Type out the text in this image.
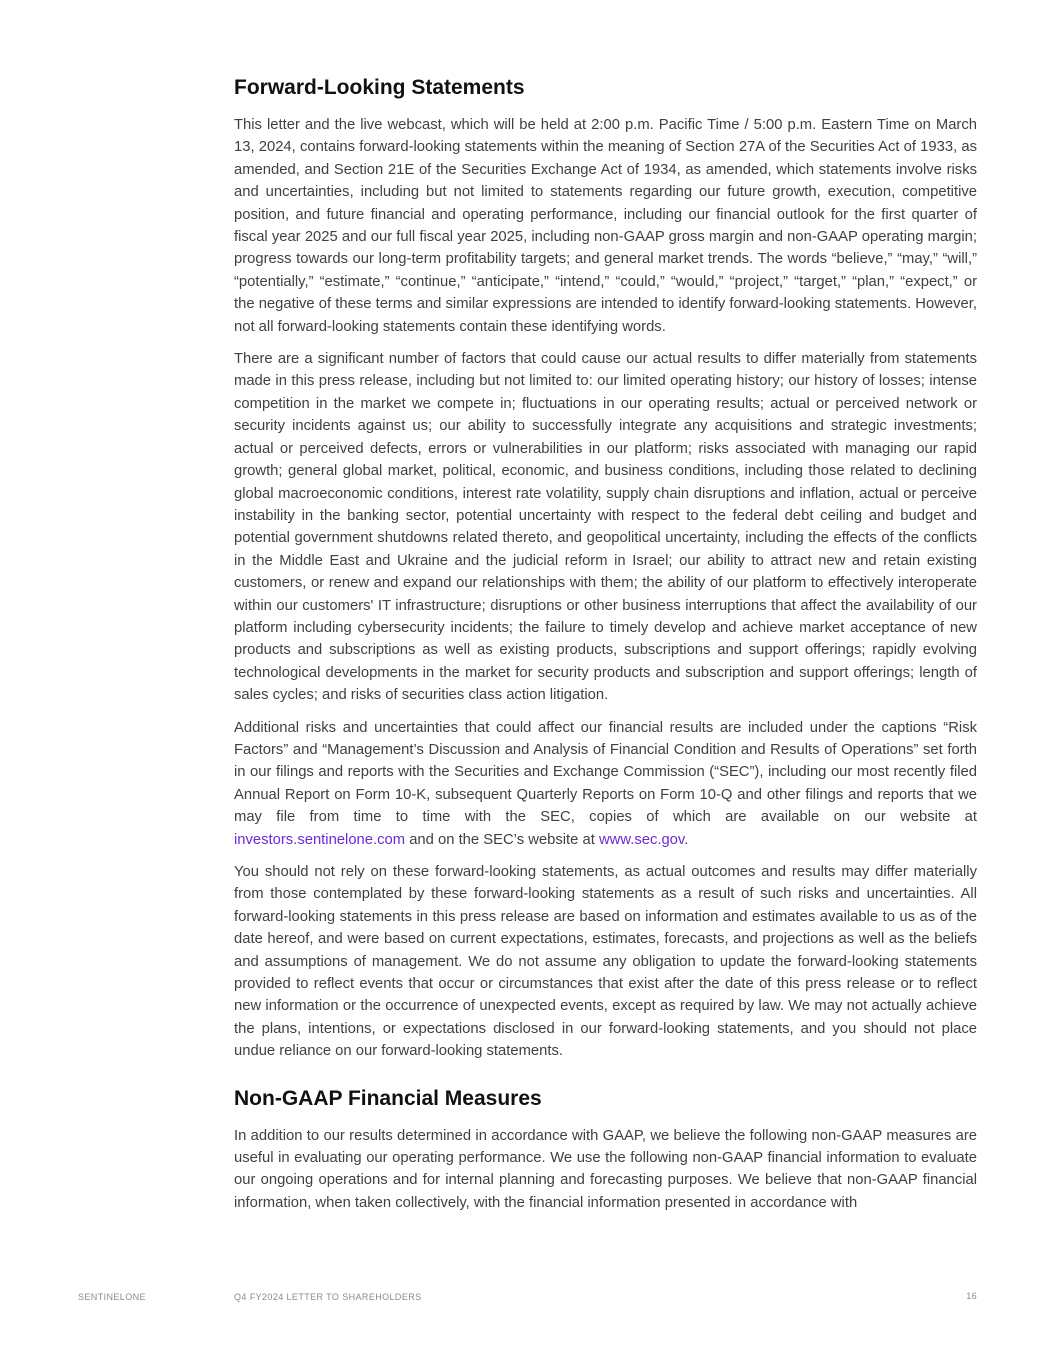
Forward-Looking Statements

This letter and the live webcast, which will be held at 2:00 p.m. Pacific Time / 5:00 p.m. Eastern Time on March 13, 2024, contains forward-looking statements within the meaning of Section 27A of the Securities Act of 1933, as amended, and Section 21E of the Securities Exchange Act of 1934, as amended, which statements involve risks and uncertainties, including but not limited to statements regarding our future growth, execution, competitive position, and future financial and operating performance, including our financial outlook for the first quarter of fiscal year 2025 and our full fiscal year 2025, including non-GAAP gross margin and non-GAAP operating margin; progress towards our long-term profitability targets; and general market trends. The words “believe,” “may,” “will,” “potentially,” “estimate,” “continue,” “anticipate,” “intend,” “could,” “would,” “project,” “target,” “plan,” “expect,” or the negative of these terms and similar expressions are intended to identify forward-looking statements. However, not all forward-looking statements contain these identifying words.

There are a significant number of factors that could cause our actual results to differ materially from statements made in this press release, including but not limited to: our limited operating history; our history of losses; intense competition in the market we compete in; fluctuations in our operating results; actual or perceived network or security incidents against us; our ability to successfully integrate any acquisitions and strategic investments; actual or perceived defects, errors or vulnerabilities in our platform; risks associated with managing our rapid growth; general global market, political, economic, and business conditions, including those related to declining global macroeconomic conditions, interest rate volatility, supply chain disruptions and inflation, actual or perceive instability in the banking sector, potential uncertainty with respect to the federal debt ceiling and budget and potential government shutdowns related thereto, and geopolitical uncertainty, including the effects of the conflicts in the Middle East and Ukraine and the judicial reform in Israel; our ability to attract new and retain existing customers, or renew and expand our relationships with them; the ability of our platform to effectively interoperate within our customers' IT infrastructure; disruptions or other business interruptions that affect the availability of our platform including cybersecurity incidents; the failure to timely develop and achieve market acceptance of new products and subscriptions as well as existing products, subscriptions and support offerings; rapidly evolving technological developments in the market for security products and subscription and support offerings; length of sales cycles; and risks of securities class action litigation.

Additional risks and uncertainties that could affect our financial results are included under the captions “Risk Factors” and “Management’s Discussion and Analysis of Financial Condition and Results of Operations” set forth in our filings and reports with the Securities and Exchange Commission (“SEC”), including our most recently filed Annual Report on Form 10-K, subsequent Quarterly Reports on Form 10-Q and other filings and reports that we may file from time to time with the SEC, copies of which are available on our website at investors.sentinelone.com and on the SEC’s website at www.sec.gov.

You should not rely on these forward-looking statements, as actual outcomes and results may differ materially from those contemplated by these forward-looking statements as a result of such risks and uncertainties. All forward-looking statements in this press release are based on information and estimates available to us as of the date hereof, and were based on current expectations, estimates, forecasts, and projections as well as the beliefs and assumptions of management. We do not assume any obligation to update the forward-looking statements provided to reflect events that occur or circumstances that exist after the date of this press release or to reflect new information or the occurrence of unexpected events, except as required by law. We may not actually achieve the plans, intentions, or expectations disclosed in our forward-looking statements, and you should not place undue reliance on our forward-looking statements.

Non-GAAP Financial Measures

In addition to our results determined in accordance with GAAP, we believe the following non-GAAP measures are useful in evaluating our operating performance. We use the following non-GAAP financial information to evaluate our ongoing operations and for internal planning and forecasting purposes. We believe that non-GAAP financial information, when taken collectively, with the financial information presented in accordance with

SENTINELONE	Q4 FY2024 LETTER TO SHAREHOLDERS	16
